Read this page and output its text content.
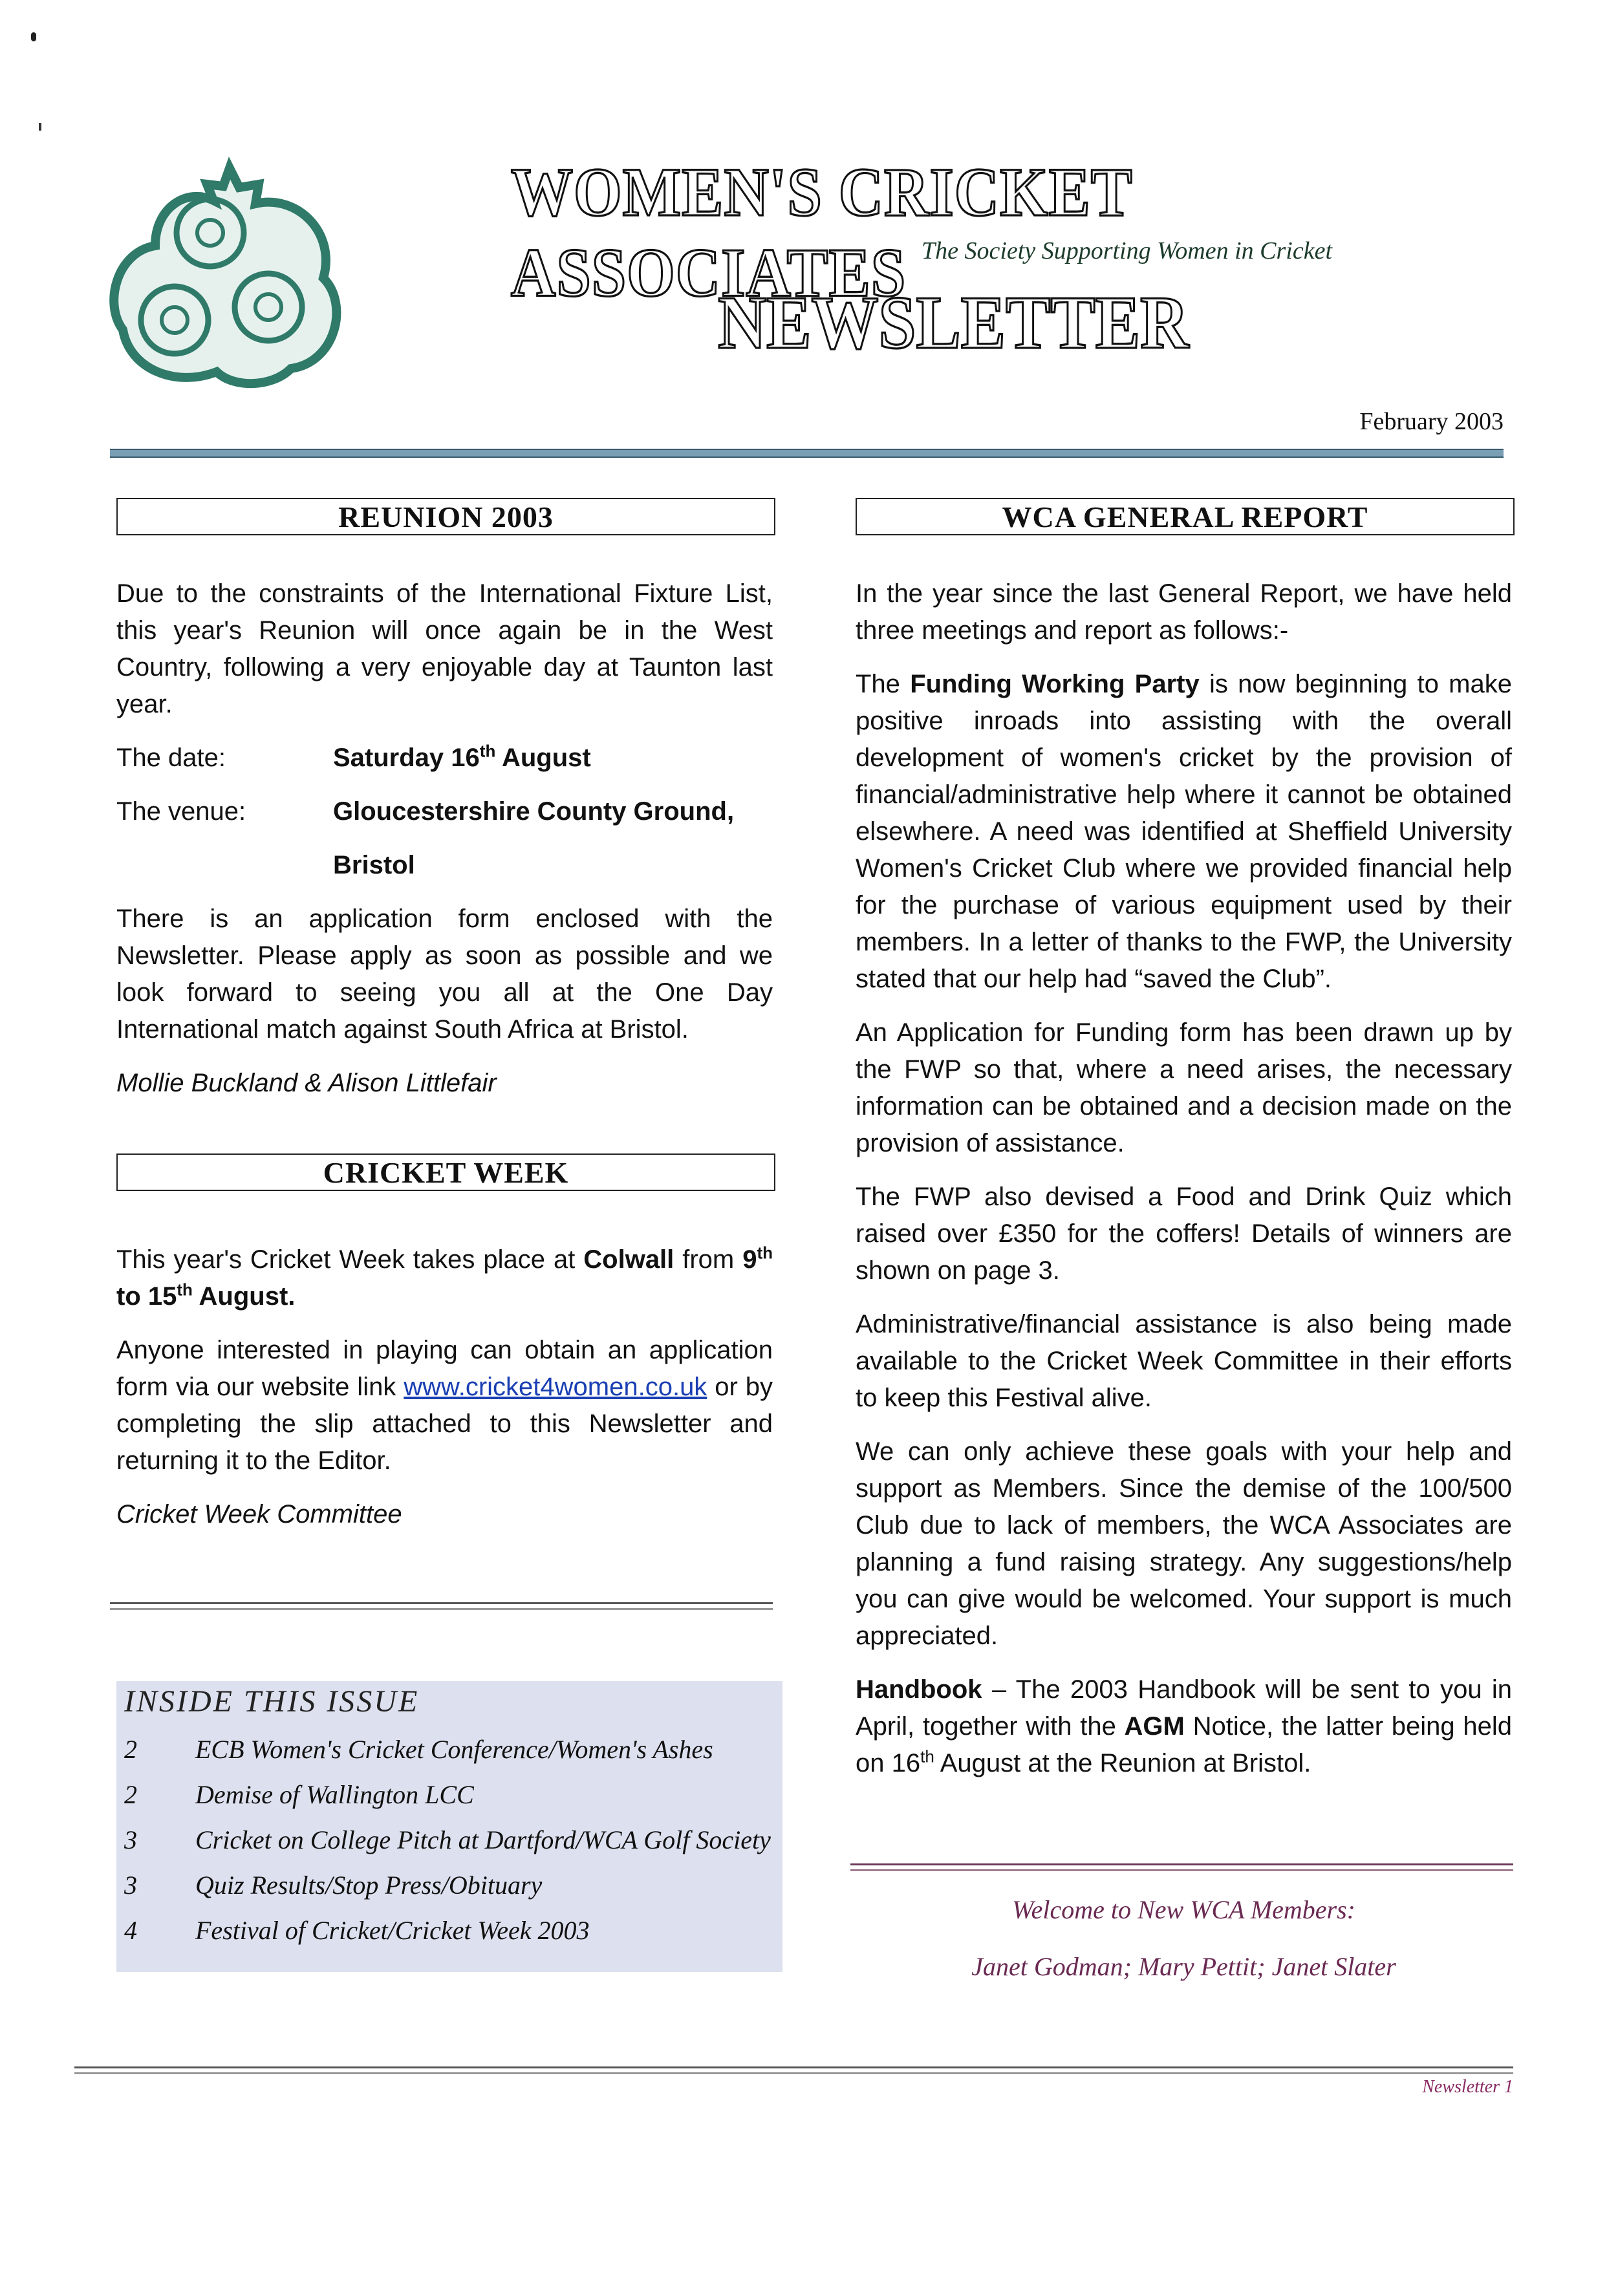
WOMEN'S CRICKET ASSOCIATES The Society Supporting Women in Cricket
NEWSLETTER
February 2003
REUNION 2003

Due to the constraints of the International Fixture List, this year's Reunion will once again be in the West Country, following a very enjoyable day at Taunton last year.

The date:	Saturday 16th August
The venue:	Gloucestershire County Ground,
Bristol

There is an application form enclosed with the Newsletter. Please apply as soon as possible and we look forward to seeing you all at the One Day International match against South Africa at Bristol.

Mollie Buckland & Alison Littlefair

CRICKET WEEK

This year's Cricket Week takes place at Colwall from 9th to 15th August.

Anyone interested in playing can obtain an application form via our website link www.cricket4women.co.uk or by completing the slip attached to this Newsletter and returning it to the Editor.

Cricket Week Committee

INSIDE THIS ISSUE
2	ECB Women's Cricket Conference/Women's Ashes
2	Demise of Wallington LCC
3	Cricket on College Pitch at Dartford/WCA Golf Society
3	Quiz Results/Stop Press/Obituary
4	Festival of Cricket/Cricket Week 2003
WCA GENERAL REPORT

In the year since the last General Report, we have held three meetings and report as follows:-

The Funding Working Party is now beginning to make positive inroads into assisting with the overall development of women's cricket by the provision of financial/administrative help where it cannot be obtained elsewhere. A need was identified at Sheffield University Women's Cricket Club where we provided financial help for the purchase of various equipment used by their members. In a letter of thanks to the FWP, the University stated that our help had “saved the Club”.

An Application for Funding form has been drawn up by the FWP so that, where a need arises, the necessary information can be obtained and a decision made on the provision of assistance.

The FWP also devised a Food and Drink Quiz which raised over £350 for the coffers! Details of winners are shown on page 3.

Administrative/financial assistance is also being made available to the Cricket Week Committee in their efforts to keep this Festival alive.

We can only achieve these goals with your help and support as Members. Since the demise of the 100/500 Club due to lack of members, the WCA Associates are planning a fund raising strategy. Any suggestions/help you can give would be welcomed. Your support is much appreciated.

Handbook – The 2003 Handbook will be sent to you in April, together with the AGM Notice, the latter being held on 16th August at the Reunion at Bristol.

Welcome to New WCA Members:
Janet Godman; Mary Pettit; Janet Slater
Newsletter 1
